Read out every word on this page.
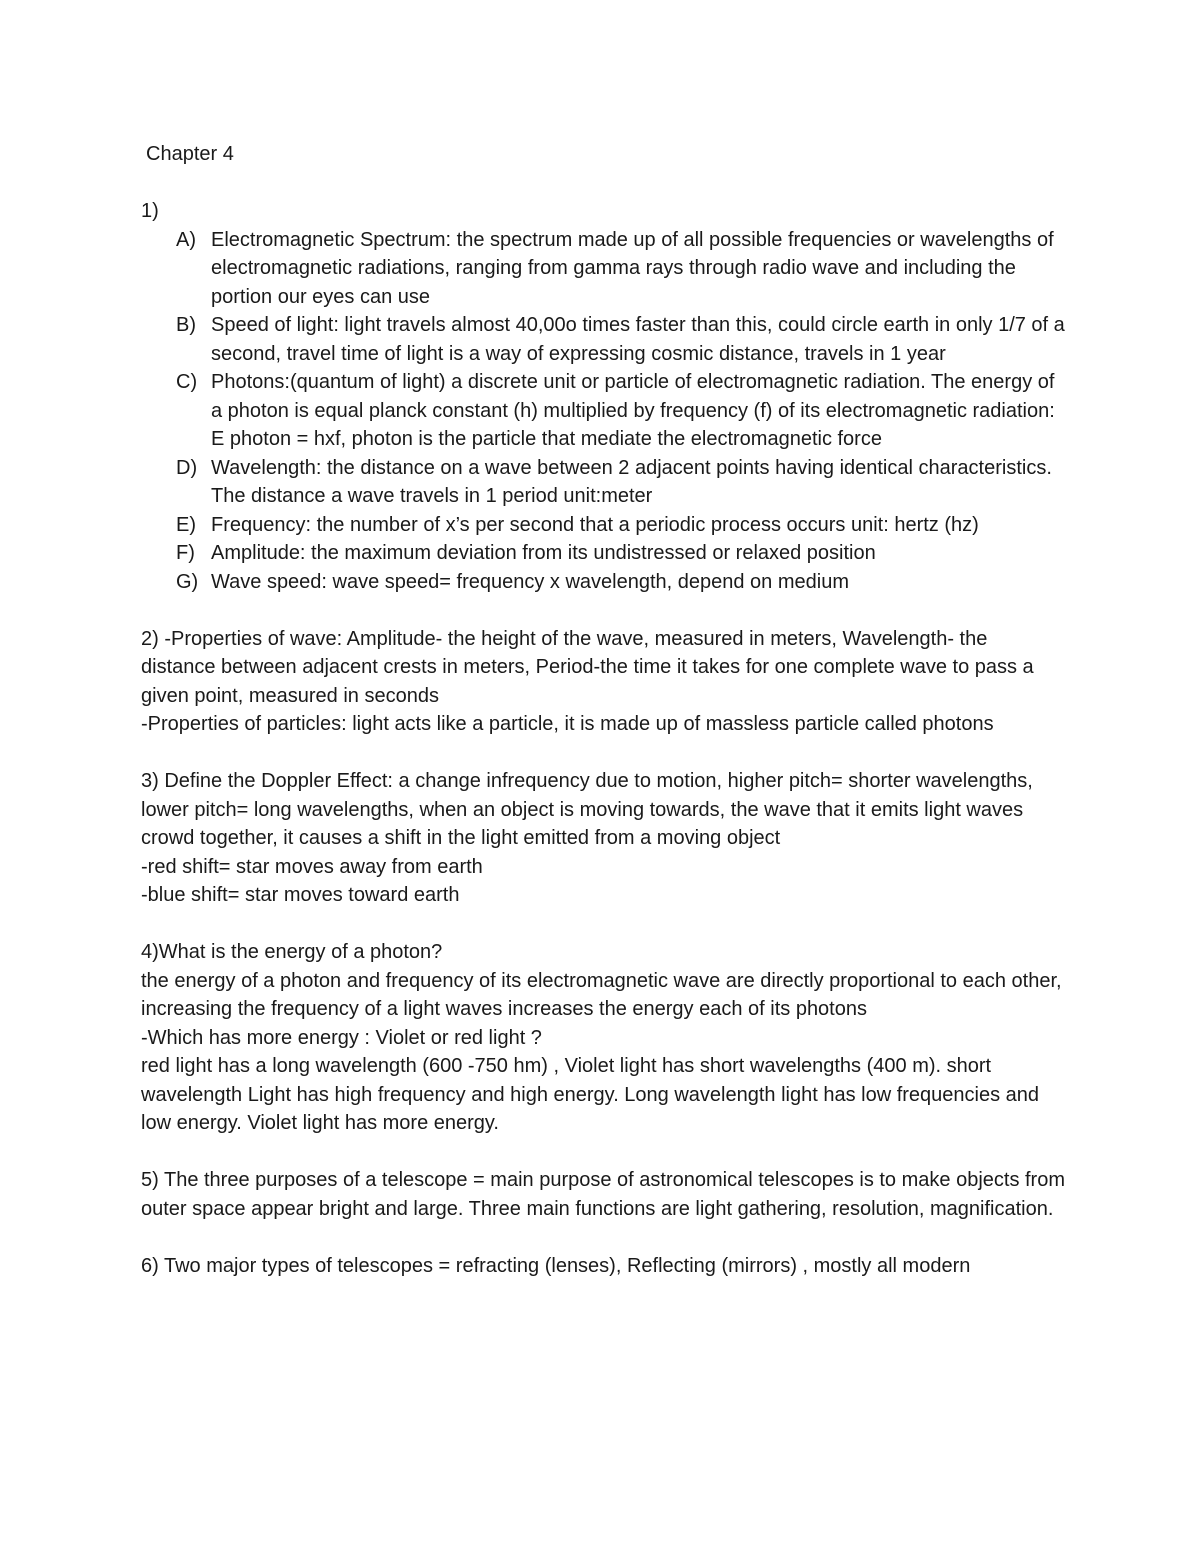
Chapter 4
1)
A) Electromagnetic Spectrum: the spectrum made up of all possible frequencies or wavelengths of electromagnetic radiations, ranging from gamma rays through radio wave and including the portion our eyes can use
B) Speed of light: light travels almost 40,00o times faster than this, could circle earth in only 1/7 of a second, travel time of light is a way of expressing cosmic distance, travels in 1 year
C) Photons:(quantum of light) a discrete unit or particle of electromagnetic radiation. The energy of a photon is equal planck constant (h) multiplied by frequency (f) of its electromagnetic radiation: E photon = hxf, photon is the particle that mediate the electromagnetic force
D) Wavelength: the distance on a wave between 2 adjacent points having identical characteristics. The distance a wave travels in 1 period unit:meter
E) Frequency: the number of x’s per second that a periodic process occurs unit: hertz (hz)
F) Amplitude: the maximum deviation from its undistressed or relaxed position
G) Wave speed: wave speed= frequency x wavelength, depend on medium

2) -Properties of wave: Amplitude- the height of the wave, measured in meters, Wavelength- the distance between adjacent crests in meters, Period-the time it takes for one complete wave to pass a given point, measured in seconds

-Properties of particles: light acts like a particle, it is made up of massless particle called photons

3) Define the Doppler Effect: a change infrequency due to motion, higher pitch= shorter wavelengths, lower pitch= long wavelengths, when an object is moving towards, the wave that it emits light waves crowd together, it causes a shift in the light emitted from a moving object

-red shift= star moves away from earth

-blue shift= star moves toward earth

4)What is the energy of a photon?

the energy of a photon and frequency of its electromagnetic wave are directly proportional to each other, increasing the frequency of a light waves increases the energy each of its photons

-Which has more energy : Violet or red light ?

red light has a long wavelength (600 -750 hm) , Violet light has short wavelengths (400 m). short wavelength Light has high frequency and high energy. Long wavelength light has low frequencies and low energy. Violet light has more energy.

5) The three purposes of a telescope = main purpose of astronomical telescopes is to make objects from outer space appear bright and large. Three main functions are light gathering, resolution, magnification.

6) Two major types of telescopes = refracting (lenses), Reflecting (mirrors) , mostly all modern
